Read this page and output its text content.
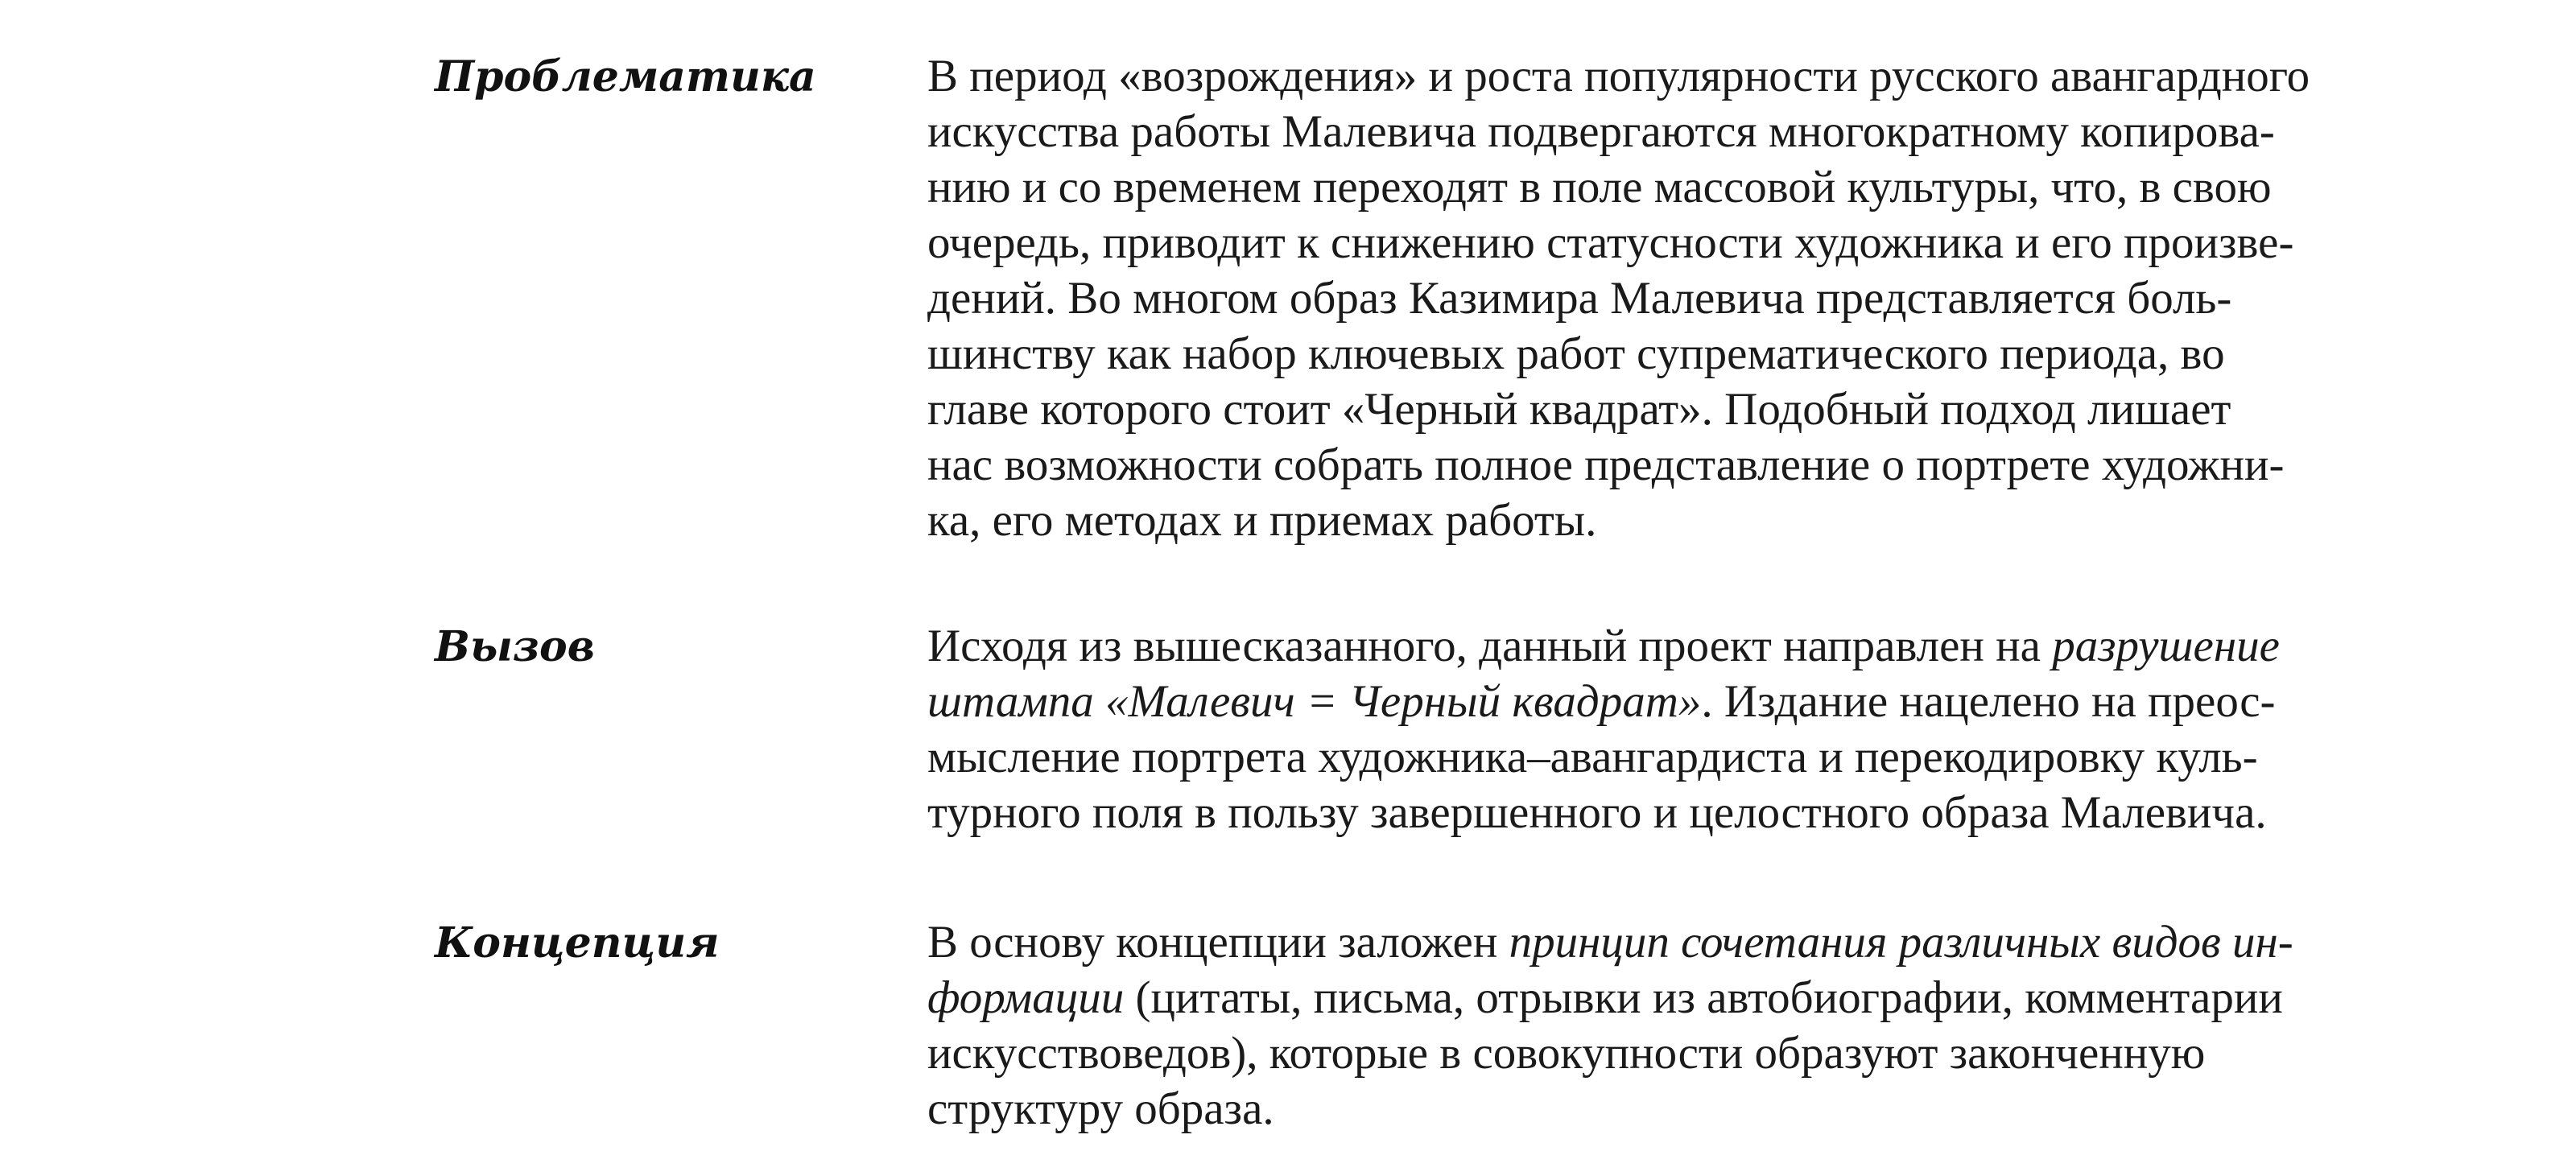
Проблематика В период «возрождения» и роста популярности русского авангардного
искусства работы Малевича подвергаются многократному копирова-
нию и со временем переходят в поле массовой культуры, что, в свою
очередь, приводит к снижению статусности художника и его произве-
дений. Во многом образ Казимира Малевича представляется боль-
шинству как набор ключевых работ супрематического периода, во
главе которого стоит «Черный квадрат». Подобный подход лишает
нас возможности собрать полное представление о портрете художни-
ка, его методах и приемах работы.
Вызов	Исходя из вышесказанного, данный проект направлен на разрушение
штампа «Малевич = Черный квадрат». Издание нацелено на преос-
мысление портрета художника–авангардиста и перекодировку куль-
турного поля в пользу завершенного и целостного образа Малевича.
Концепция	В основу концепции заложен принцип сочетания различных видов ин-
формации (цитаты, письма, отрывки из автобиографии, комментарии
искусствоведов), которые в совокупности образуют законченную
структуру образа.
